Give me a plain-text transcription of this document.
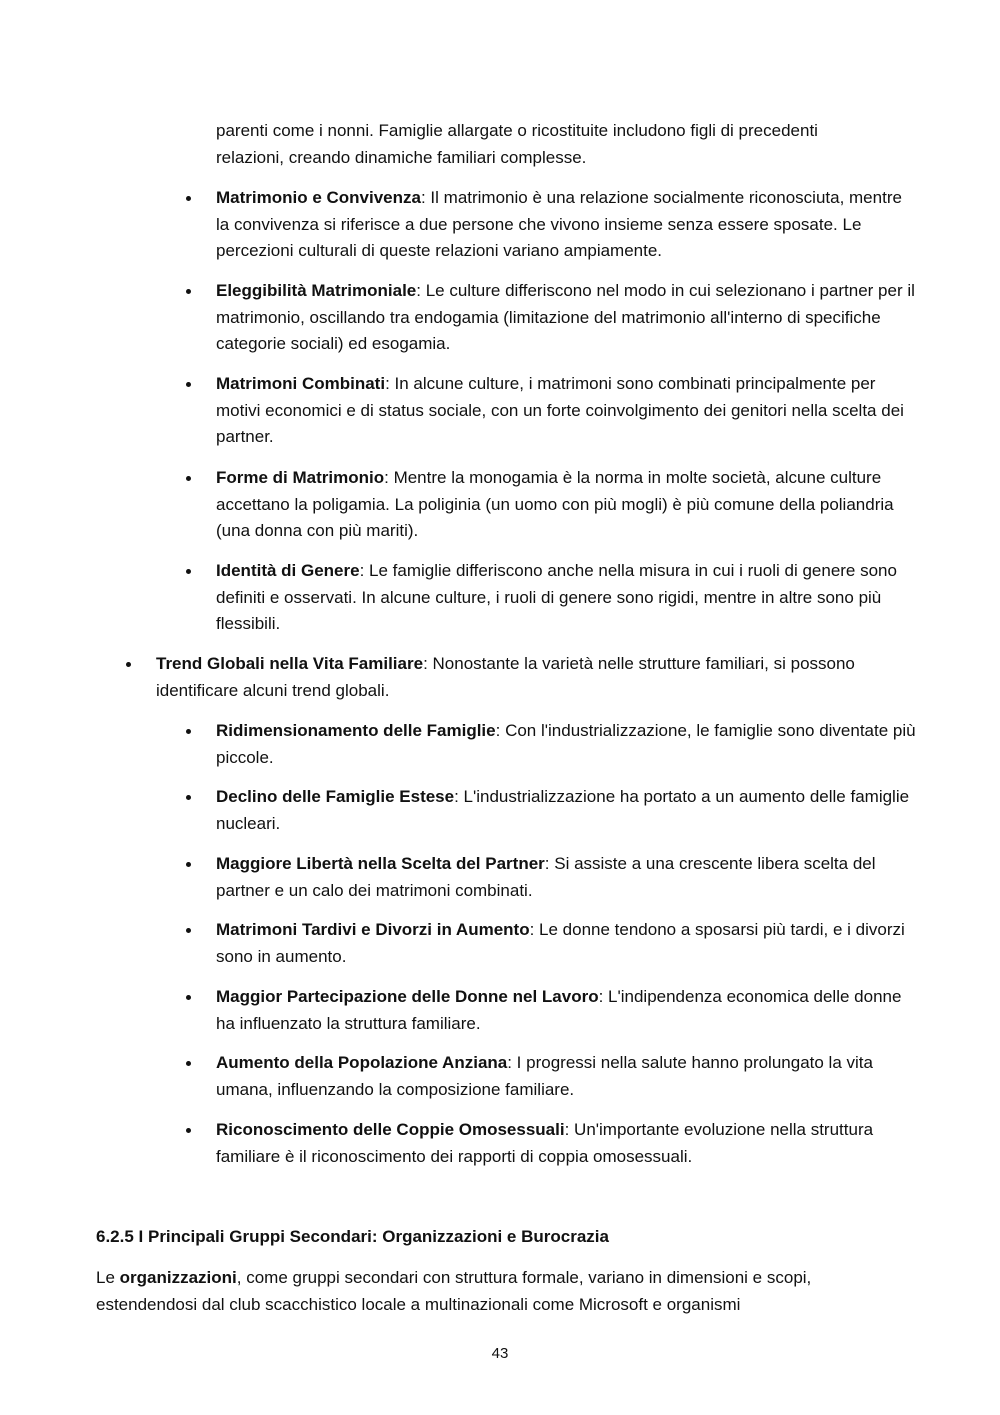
parenti come i nonni. Famiglie allargate o ricostituite includono figli di precedenti
relazioni, creando dinamiche familiari complesse.
Matrimonio e Convivenza: Il matrimonio è una relazione socialmente riconosciuta, mentre la convivenza si riferisce a due persone che vivono insieme senza essere sposate. Le percezioni culturali di queste relazioni variano ampiamente.
Eleggibilità Matrimoniale: Le culture differiscono nel modo in cui selezionano i partner per il matrimonio, oscillando tra endogamia (limitazione del matrimonio all'interno di specifiche categorie sociali) ed esogamia.
Matrimoni Combinati: In alcune culture, i matrimoni sono combinati principalmente per motivi economici e di status sociale, con un forte coinvolgimento dei genitori nella scelta dei partner.
Forme di Matrimonio: Mentre la monogamia è la norma in molte società, alcune culture accettano la poligamia. La poliginia (un uomo con più mogli) è più comune della poliandria (una donna con più mariti).
Identità di Genere: Le famiglie differiscono anche nella misura in cui i ruoli di genere sono definiti e osservati. In alcune culture, i ruoli di genere sono rigidi, mentre in altre sono più flessibili.
Trend Globali nella Vita Familiare: Nonostante la varietà nelle strutture familiari, si possono identificare alcuni trend globali.
Ridimensionamento delle Famiglie: Con l'industrializzazione, le famiglie sono diventate più piccole.
Declino delle Famiglie Estese: L'industrializzazione ha portato a un aumento delle famiglie nucleari.
Maggiore Libertà nella Scelta del Partner: Si assiste a una crescente libera scelta del partner e un calo dei matrimoni combinati.
Matrimoni Tardivi e Divorzi in Aumento: Le donne tendono a sposarsi più tardi, e i divorzi sono in aumento.
Maggior Partecipazione delle Donne nel Lavoro: L'indipendenza economica delle donne ha influenzato la struttura familiare.
Aumento della Popolazione Anziana: I progressi nella salute hanno prolungato la vita umana, influenzando la composizione familiare.
Riconoscimento delle Coppie Omosessuali: Un'importante evoluzione nella struttura familiare è il riconoscimento dei rapporti di coppia omosessuali.
6.2.5 I Principali Gruppi Secondari: Organizzazioni e Burocrazia
Le organizzazioni, come gruppi secondari con struttura formale, variano in dimensioni e scopi, estendendosi dal club scacchistico locale a multinazionali come Microsoft e organismi
43
